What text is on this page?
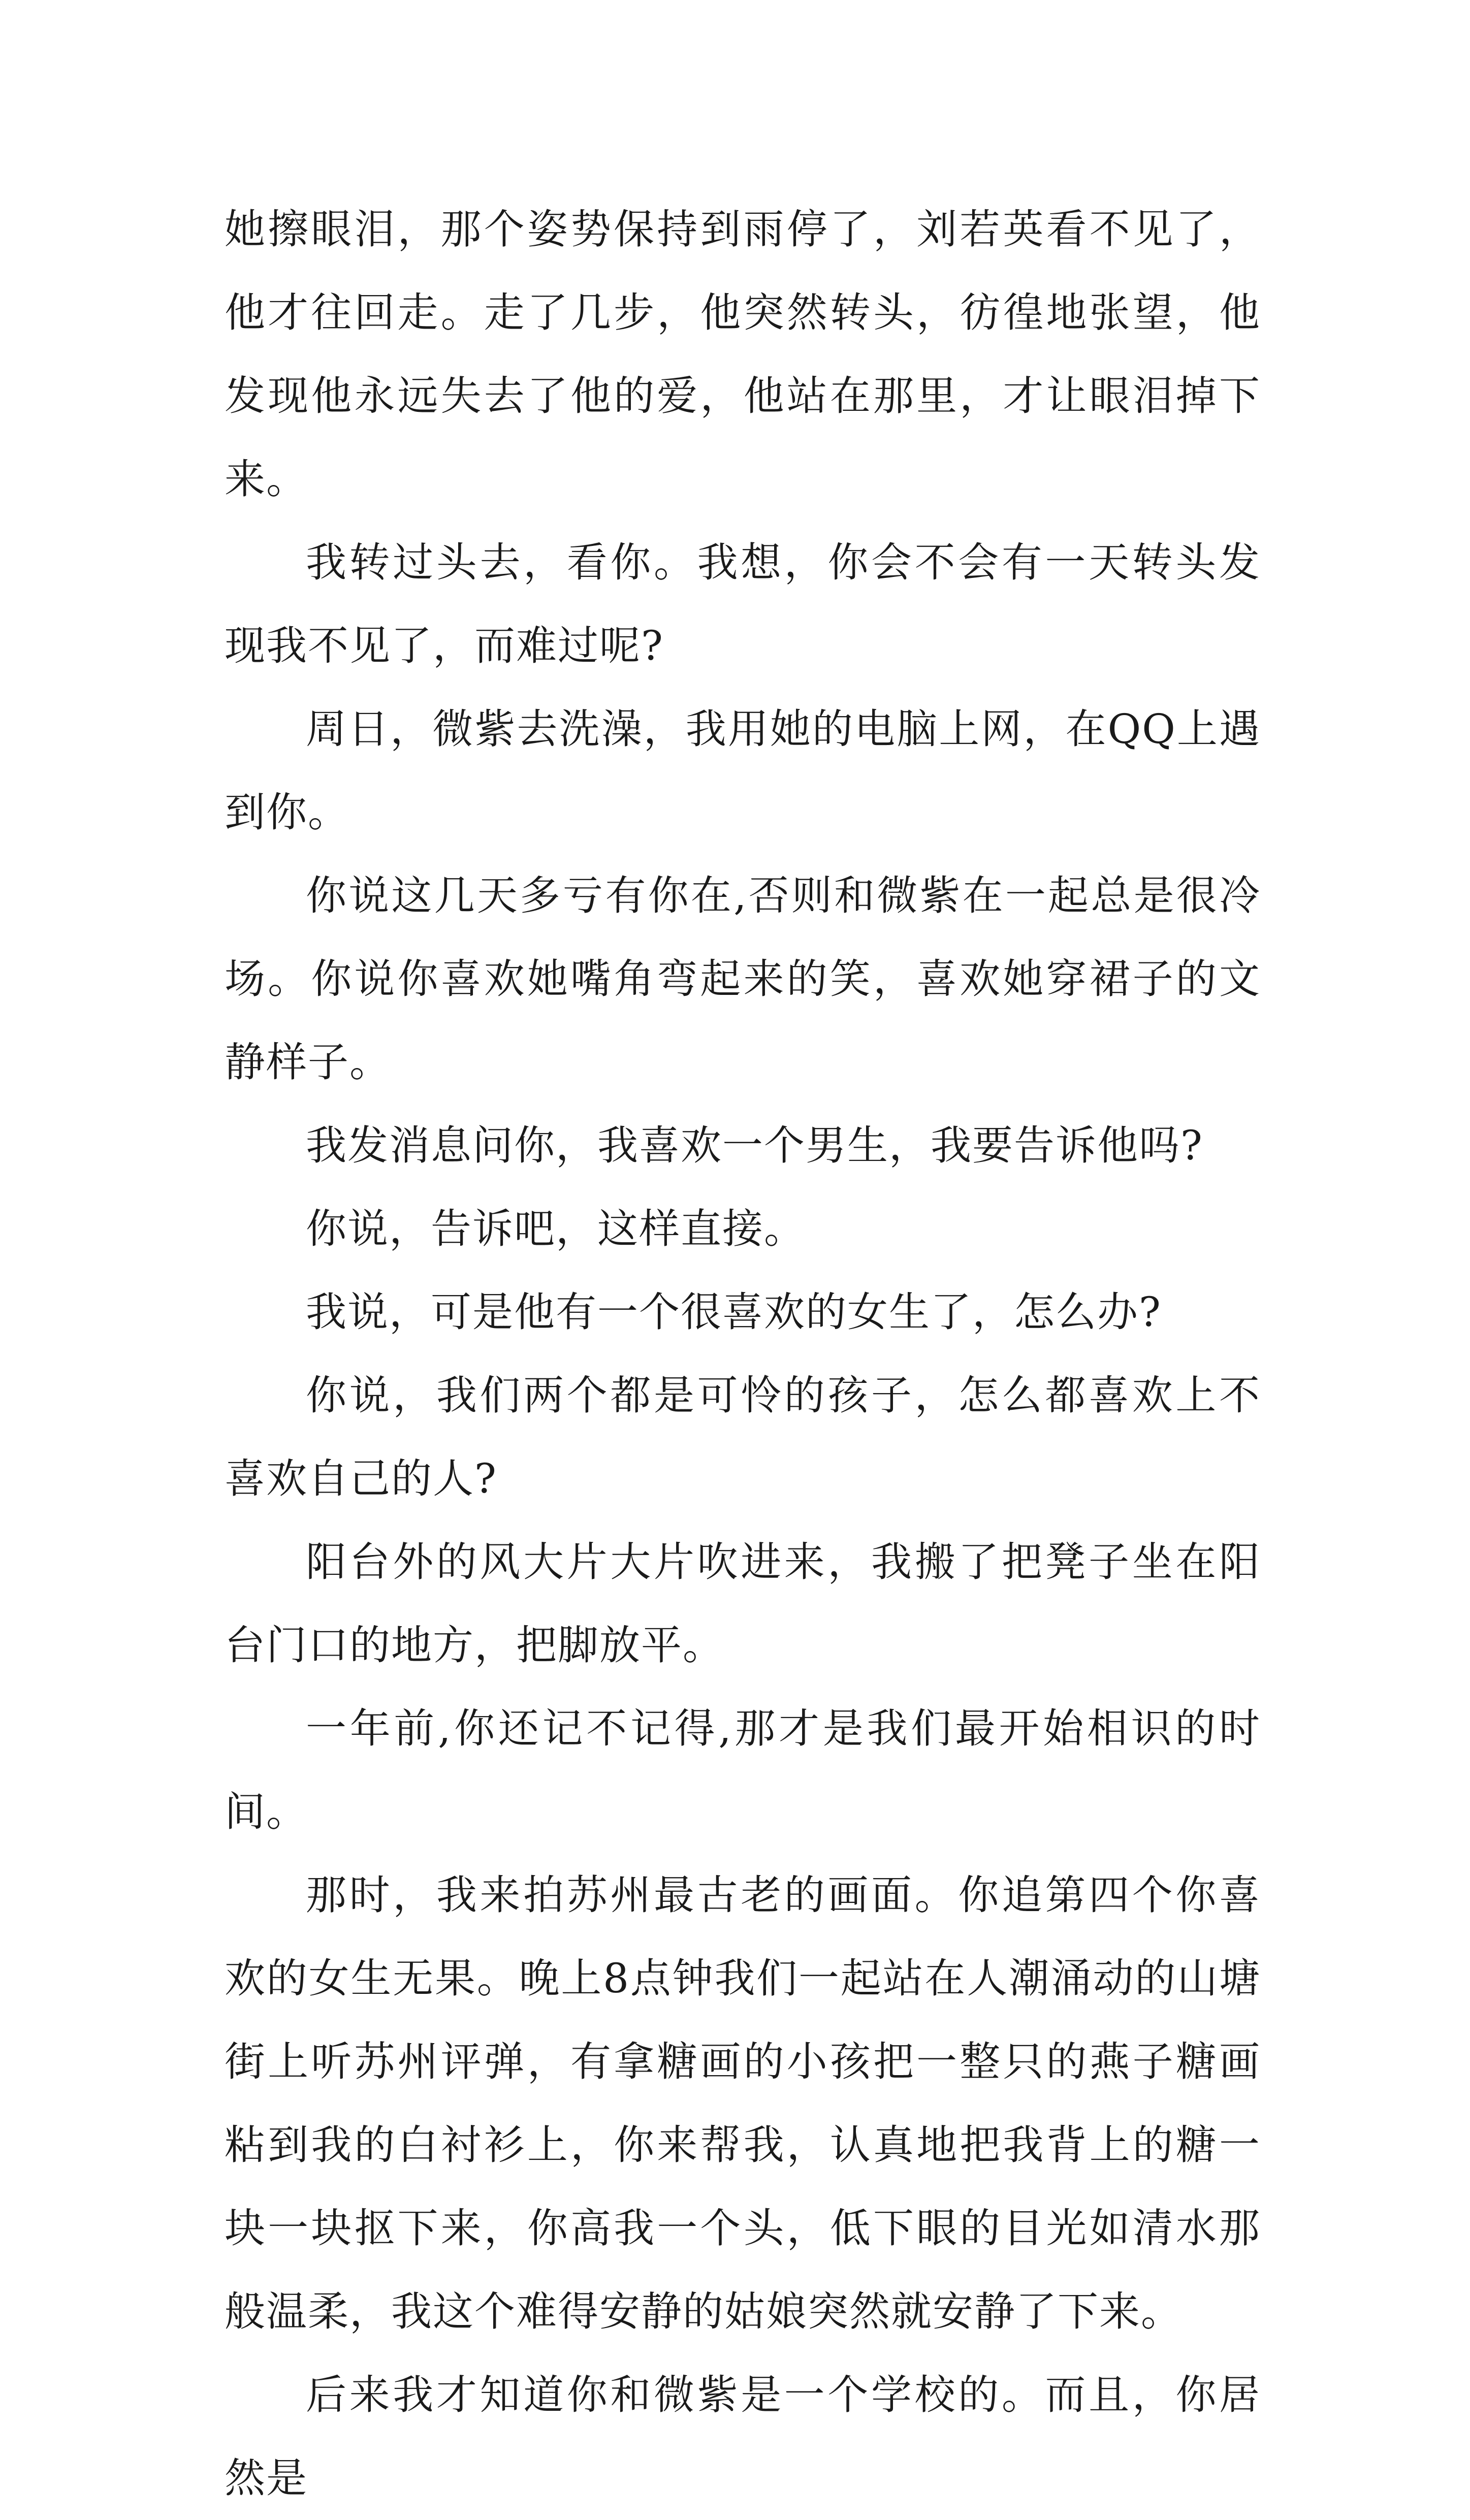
她擦眼泪，那个姿势保持到雨停了，刘若英看不见了，他才往回走。走了几步，他突然转头，彷徨地张望，他发现他永远失去了他的爱，他站在那里，才让眼泪掉下来。

我转过头去，看你。我想，你会不会有一天转头发现我不见了，而难过呢?

周日，微紫去洗澡，我用她的电脑上网，在QQ上遇到你。

你说这几天多亏有你在,否则和微紫在一起总是很冷场。你说你喜欢她嘴角弯起来的笑，喜欢她穿裙子的文静样子。

我发消息问你，我喜欢一个男生，我要告诉他吗?

你说，告诉吧，这样直接。

我说，可是他有一个很喜欢的女生了，怎么办?

你说，我们两个都是可怜的孩子，怎么都喜欢上不喜欢自己的人?

阳台外的风大片大片吹进来，我搬了把凳子坐在阳台门口的地方，把脚放平。

一年前,你还记不记得,那才是我们最开始相识的时间。

那时，我来拍苏州最古老的画面。你追第四个你喜欢的女生无果。晚上8点钟我们一起站在人潮涌动的山塘街上听苏州评弹，有拿糖画的小孩把一整只的燕子糖画粘到我的白衬衫上，你来帮我，认真地把我背上的糖一块一块抠下来，你高我一个头，低下眼的目光如清水那般温柔，我这个难得安静的姑娘突然就安静了下来。

后来我才知道你和微紫是一个学校的。而且，你居然是
